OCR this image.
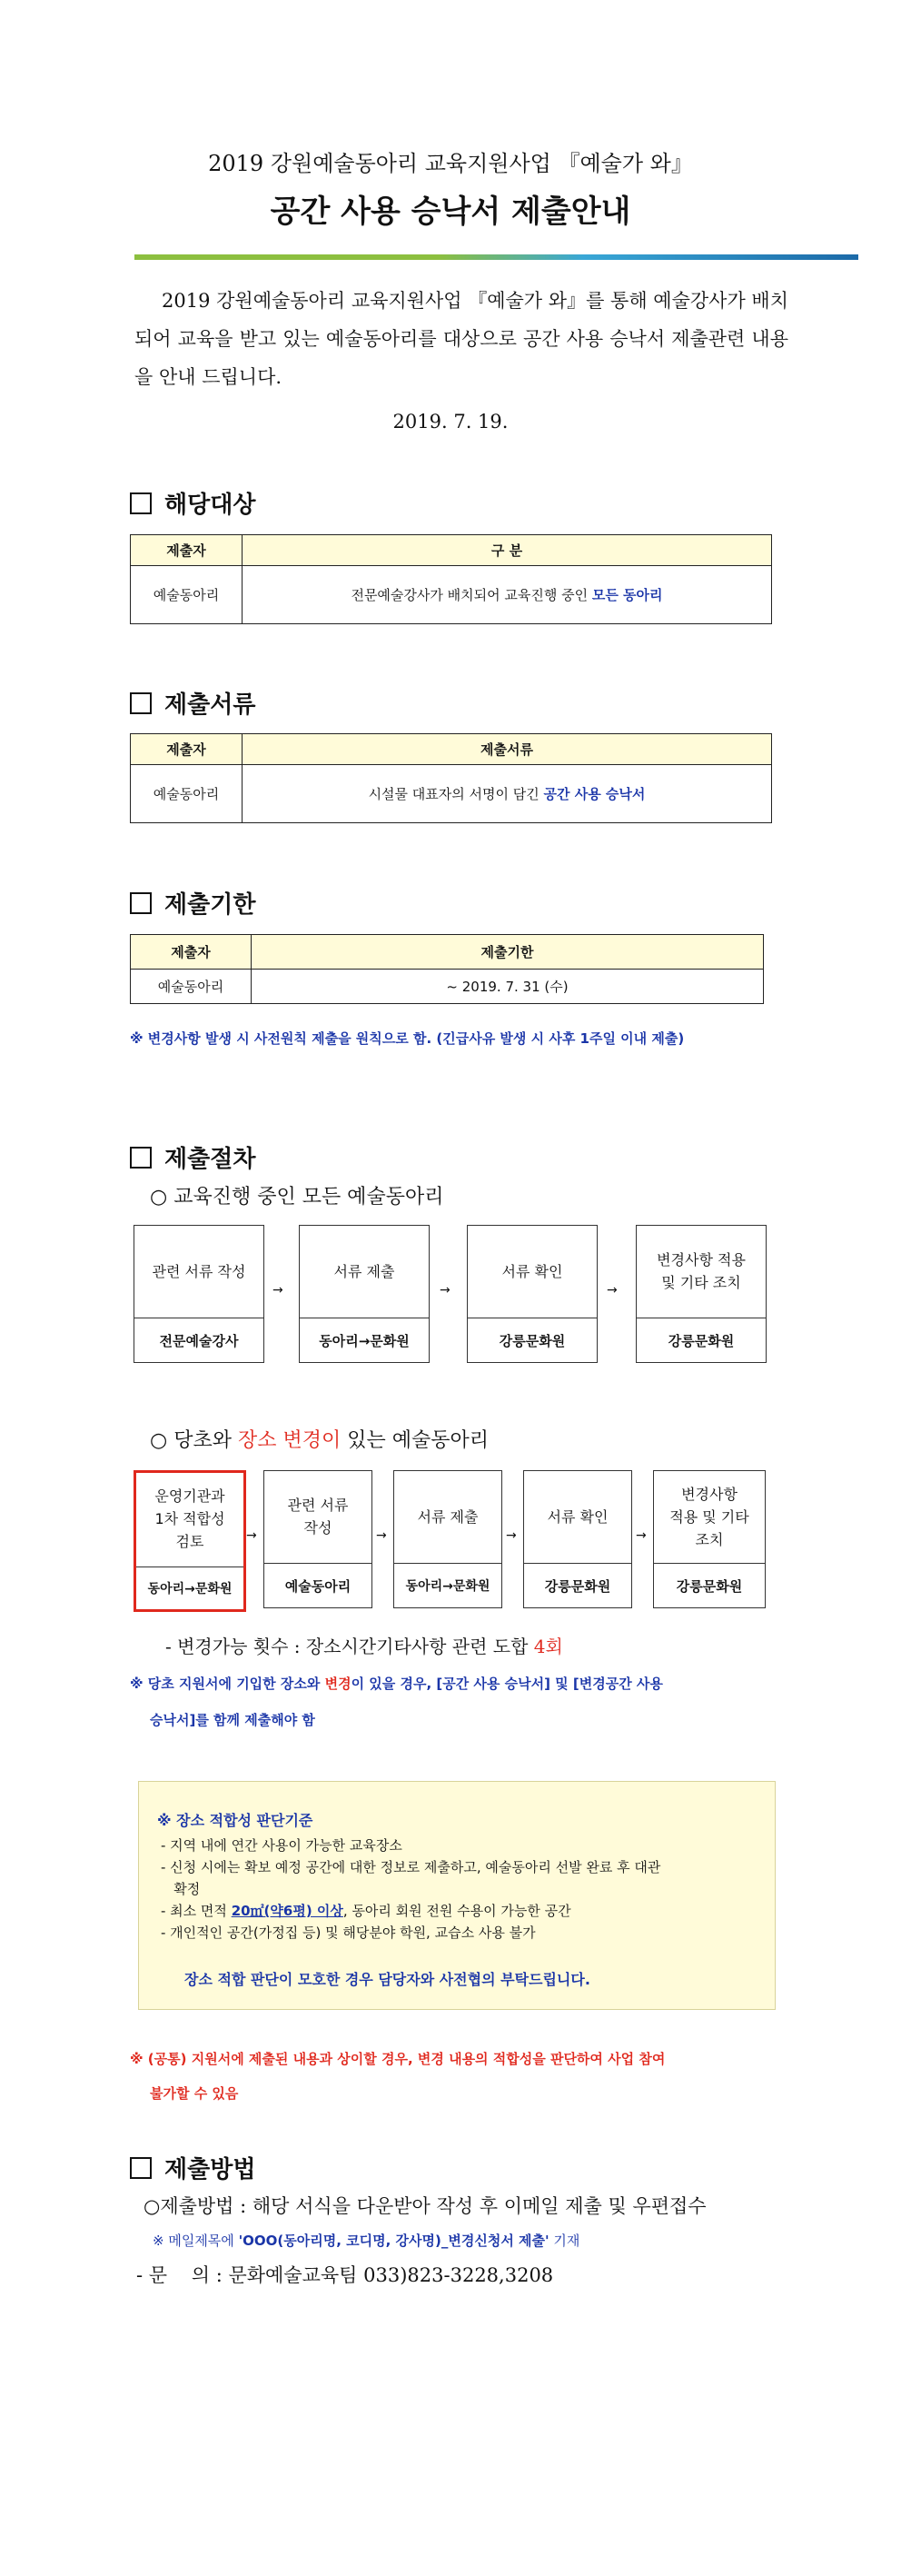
2019 강원예술동아리 교육지원사업 『예술가 와』
공간 사용 승낙서 제출안내
2019 강원예술동아리 교육지원사업 『예술가 와』를 통해 예술강사가 배치되어 교육을 받고 있는 예술동아리를 대상으로 공간 사용 승낙서 제출관련 내용을 안내 드립니다.
2019. 7. 19.
해당대상
제출자	구 분
예술동아리	전문예술강사가 배치되어 교육진행 중인 모든 동아리
제출서류
제출자	제출서류
예술동아리	시설물 대표자의 서명이 담긴 공간 사용 승낙서
제출기한
제출자	제출기한
예술동아리	~ 2019. 7. 31 (수)
※ 변경사항 발생 시 사전원칙 제출을 원칙으로 함. (긴급사유 발생 시 사후 1주일 이내 제출)
제출절차
○ 교육진행 중인 모든 예술동아리
관련 서류 작성
전문예술강사
→
서류 제출
동아리→문화원
→
서류 확인
강릉문화원
→
변경사항 적용
및 기타 조치
강릉문화원
○ 당초와 장소 변경이 있는 예술동아리
운영기관과
1차 적합성
검토
동아리→문화원
→
관련 서류
작성
예술동아리
→
서류 제출
동아리→문화원
→
서류 확인
강릉문화원
→
변경사항
적용 및 기타
조치
강릉문화원
- 변경가능 횟수 : 장소시간기타사항 관련 도합 4회
※ 당초 지원서에 기입한 장소와 변경이 있을 경우, [공간 사용 승낙서] 및 [변경공간 사용
승낙서]를 함께 제출해야 함
※ 장소 적합성 판단기준
- 지역 내에 연간 사용이 가능한 교육장소
- 신청 시에는 확보 예정 공간에 대한 정보로 제출하고, 예술동아리 선발 완료 후 대관
확정
- 최소 면적 20㎡(약6평) 이상, 동아리 회원 전원 수용이 가능한 공간
- 개인적인 공간(가정집 등) 및 해당분야 학원, 교습소 사용 불가
장소 적합 판단이 모호한 경우 담당자와 사전협의 부탁드립니다.
※ (공통) 지원서에 제출된 내용과 상이할 경우, 변경 내용의 적합성을 판단하여 사업 참여
불가할 수 있음
제출방법
○제출방법 : 해당 서식을 다운받아 작성 후 이메일 제출 및 우편접수
※ 메일제목에 'OOO(동아리명, 코디명, 강사명)_변경신청서 제출' 기재
- 문    의 : 문화예술교육팀 033)823-3228,3208
